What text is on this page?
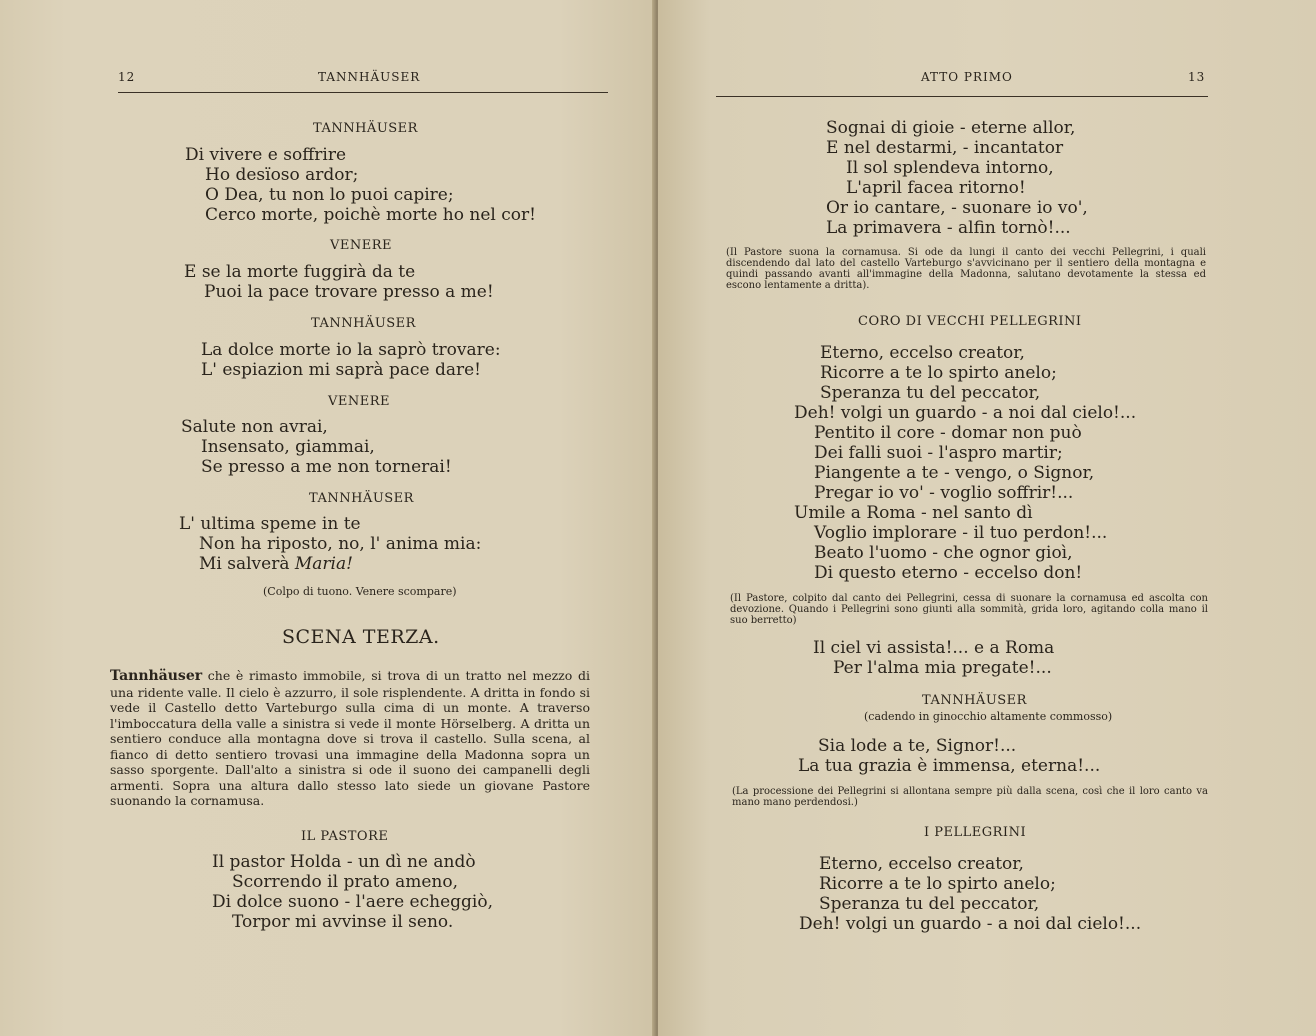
12	TANNHÄUSER
TANNHÄUSER
Di vivere e soffrire
Ho desïoso ardor;
O Dea, tu non lo puoi capire;
Cerco morte, poichè morte ho nel cor!
VENERE
E se la morte fuggirà da te
Puoi la pace trovare presso a me!
TANNHÄUSER
La dolce morte io la saprò trovare:
L' espiazion mi saprà pace dare!
VENERE
Salute non avrai,
Insensato, giammai,
Se presso a me non tornerai!
TANNHÄUSER
L' ultima speme in te
Non ha riposto, no, l' anima mia:
Mi salverà Maria!
(Colpo di tuono. Venere scompare)
SCENA TERZA.
Tannhäuser che è rimasto immobile, si trova di un tratto nel mezzo di una ridente valle. Il cielo è azzurro, il sole risplendente. A dritta in fondo si vede il Castello detto Varteburgo sulla cima di un monte. A traverso l'imboccatura della valle a sinistra si vede il monte Hörselberg. A dritta un sentiero conduce alla montagna dove si trova il castello. Sulla scena, al fianco di detto sentiero trovasi una immagine della Madonna sopra un sasso sporgente. Dall'alto a sinistra si ode il suono dei campanelli degli armenti. Sopra una altura dallo stesso lato siede un giovane Pastore suonando la cornamusa.
IL PASTORE
Il pastor Holda - un dì ne andò
Scorrendo il prato ameno,
Di dolce suono - l'aere echeggiò,
Torpor mi avvinse il seno.
ATTO PRIMO	13
Sognai di gioie - eterne allor,
E nel destarmi, - incantator
Il sol splendeva intorno,
L'april facea ritorno!
Or io cantare, - suonare io vo',
La primavera - alfin tornò!...
(Il Pastore suona la cornamusa. Si ode da lungi il canto dei vecchi Pellegrini, i quali discendendo dal lato del castello Varteburgo s'avvicinano per il sentiero della montagna e quindi passando avanti all'immagine della Madonna, salutano devotamente la stessa ed escono lentamente a dritta).
CORO DI VECCHI PELLEGRINI
Eterno, eccelso creator,
Ricorre a te lo spirto anelo;
Speranza tu del peccator,
Deh! volgi un guardo - a noi dal cielo!...
Pentito il core - domar non può
Dei falli suoi - l'aspro martir;
Piangente a te - vengo, o Signor,
Pregar io vo' - voglio soffrir!...
Umile a Roma - nel santo dì
Voglio implorare - il tuo perdon!...
Beato l'uomo - che ognor gioì,
Di questo eterno - eccelso don!
(Il Pastore, colpito dal canto dei Pellegrini, cessa di suonare la cornamusa ed ascolta con devozione. Quando i Pellegrini sono giunti alla sommità, grida loro, agitando colla mano il suo berretto)
Il ciel vi assista!... e a Roma
Per l'alma mia pregate!...
TANNHÄUSER
(cadendo in ginocchio altamente commosso)
Sia lode a te, Signor!...
La tua grazia è immensa, eterna!...
(La processione dei Pellegrini si allontana sempre più dalla scena, così che il loro canto va mano mano perdendosi.)
I PELLEGRINI
Eterno, eccelso creator,
Ricorre a te lo spirto anelo;
Speranza tu del peccator,
Deh! volgi un guardo - a noi dal cielo!...
